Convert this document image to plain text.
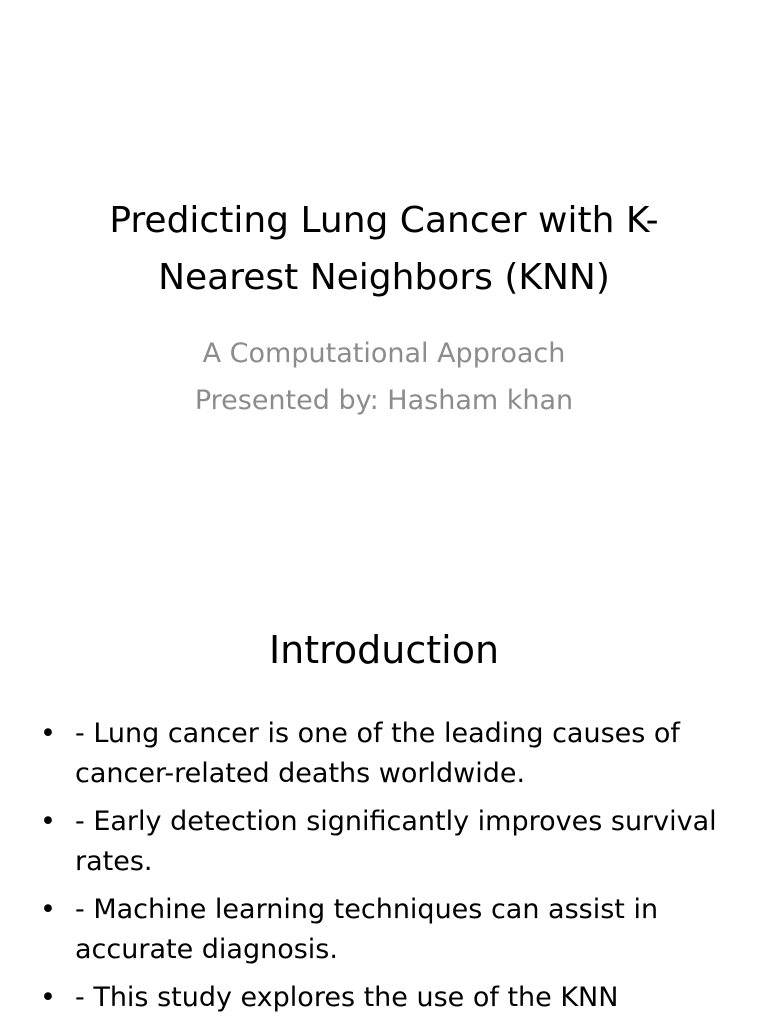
Predicting Lung Cancer with K-
Nearest Neighbors (KNN)
A Computational Approach
Presented by: Hasham khan
Introduction
• - Lung cancer is one of the leading causes of
cancer-related deaths worldwide.
• - Early detection significantly improves survival
rates.
• - Machine learning techniques can assist in
accurate diagnosis.
• - This study explores the use of the KNN
